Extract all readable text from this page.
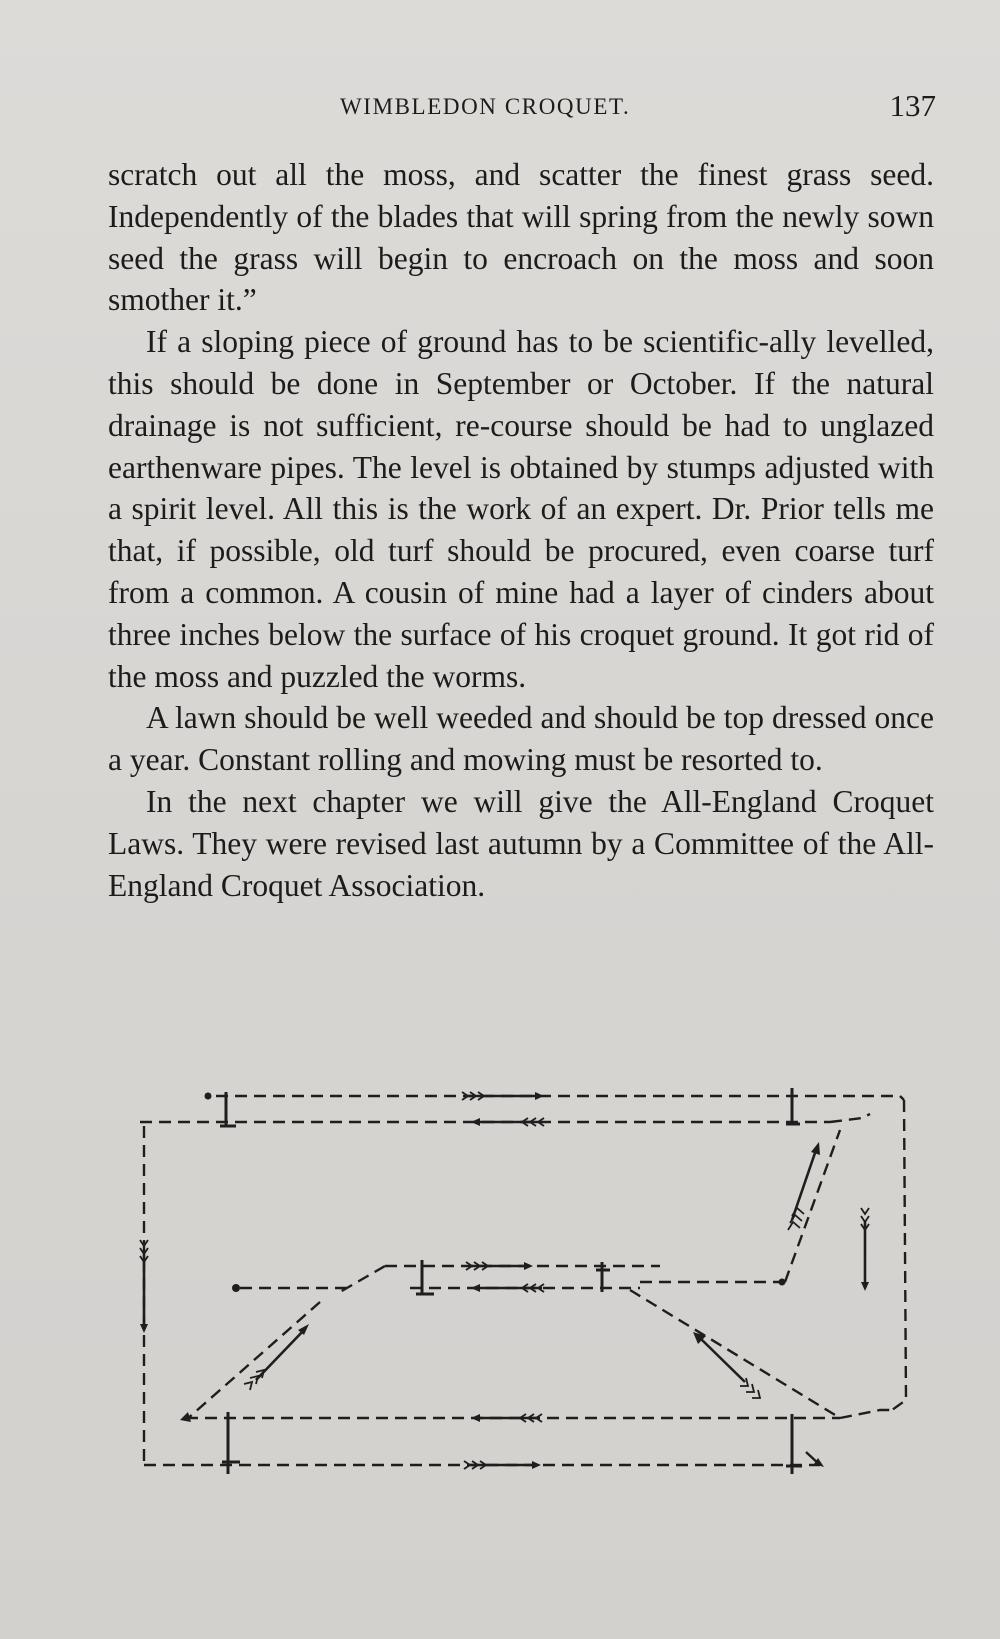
WIMBLEDON CROQUET.	137

scratch out all the moss, and scatter the finest grass seed. Independently of the blades that will spring from the newly sown seed the grass will begin to encroach on the moss and soon smother it.”

If a sloping piece of ground has to be scientific-ally levelled, this should be done in September or October. If the natural drainage is not sufficient, re-course should be had to unglazed earthenware pipes. The level is obtained by stumps adjusted with a spirit level. All this is the work of an expert. Dr. Prior tells me that, if possible, old turf should be procured, even coarse turf from a common. A cousin of mine had a layer of cinders about three inches below the surface of his croquet ground. It got rid of the moss and puzzled the worms.

A lawn should be well weeded and should be top dressed once a year. Constant rolling and mowing must be resorted to.

In the next chapter we will give the All-England Croquet Laws. They were revised last autumn by a Committee of the All-England Croquet Association.
